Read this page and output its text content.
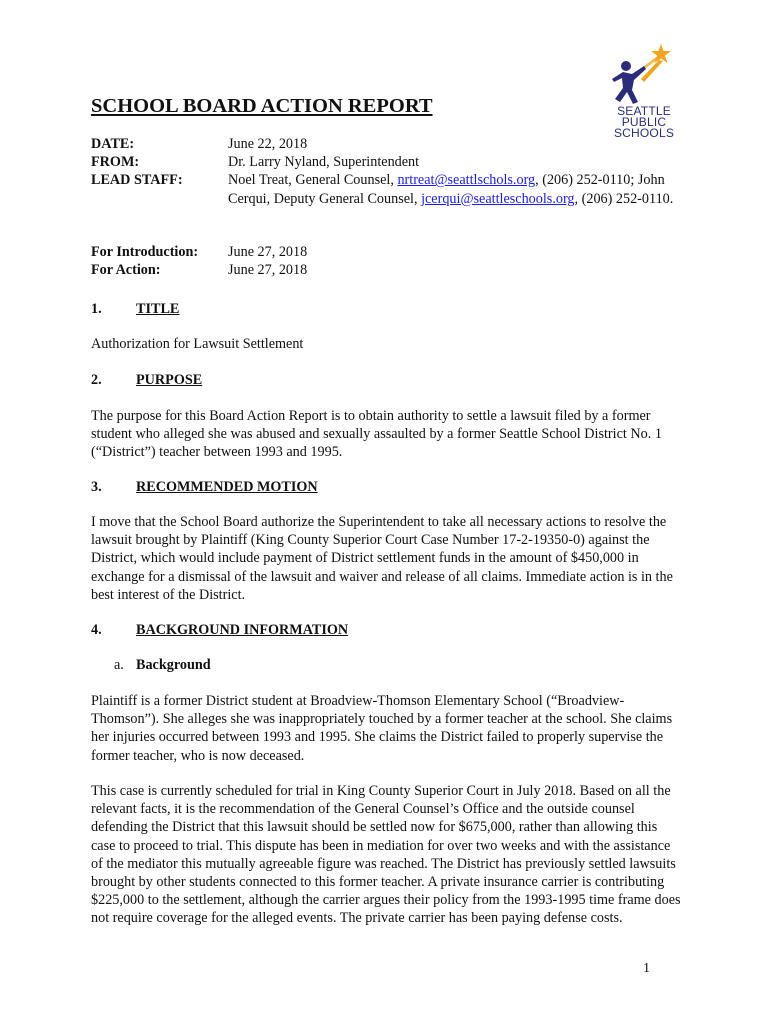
SEATTLE
PUBLIC
SCHOOLS
SCHOOL BOARD ACTION REPORT
DATE:	June 22, 2018
FROM:	Dr. Larry Nyland, Superintendent
LEAD STAFF:	Noel Treat, General Counsel, nrtreat@seattlschols.org, (206) 252-0110; John Cerqui, Deputy General Counsel, jcerqui@seattleschools.org, (206) 252-0110.
For Introduction:	June 27, 2018
For Action:	June 27, 2018
1. TITLE

Authorization for Lawsuit Settlement

2. PURPOSE

The purpose for this Board Action Report is to obtain authority to settle a lawsuit filed by a former student who alleged she was abused and sexually assaulted by a former Seattle School District No. 1 (“District”) teacher between 1993 and 1995.

3. RECOMMENDED MOTION

I move that the School Board authorize the Superintendent to take all necessary actions to resolve the lawsuit brought by Plaintiff (King County Superior Court Case Number 17-2-19350-0) against the District, which would include payment of District settlement funds in the amount of $450,000 in exchange for a dismissal of the lawsuit and waiver and release of all claims. Immediate action is in the best interest of the District.

4. BACKGROUND INFORMATION
a. Background

Plaintiff is a former District student at Broadview-Thomson Elementary School (“Broadview-Thomson”). She alleges she was inappropriately touched by a former teacher at the school. She claims her injuries occurred between 1993 and 1995. She claims the District failed to properly supervise the former teacher, who is now deceased.

This case is currently scheduled for trial in King County Superior Court in July 2018. Based on all the relevant facts, it is the recommendation of the General Counsel’s Office and the outside counsel defending the District that this lawsuit should be settled now for $675,000, rather than allowing this case to proceed to trial. This dispute has been in mediation for over two weeks and with the assistance of the mediator this mutually agreeable figure was reached. The District has previously settled lawsuits brought by other students connected to this former teacher. A private insurance carrier is contributing $225,000 to the settlement, although the carrier argues their policy from the 1993-1995 time frame does not require coverage for the alleged events. The private carrier has been paying defense costs.

1
